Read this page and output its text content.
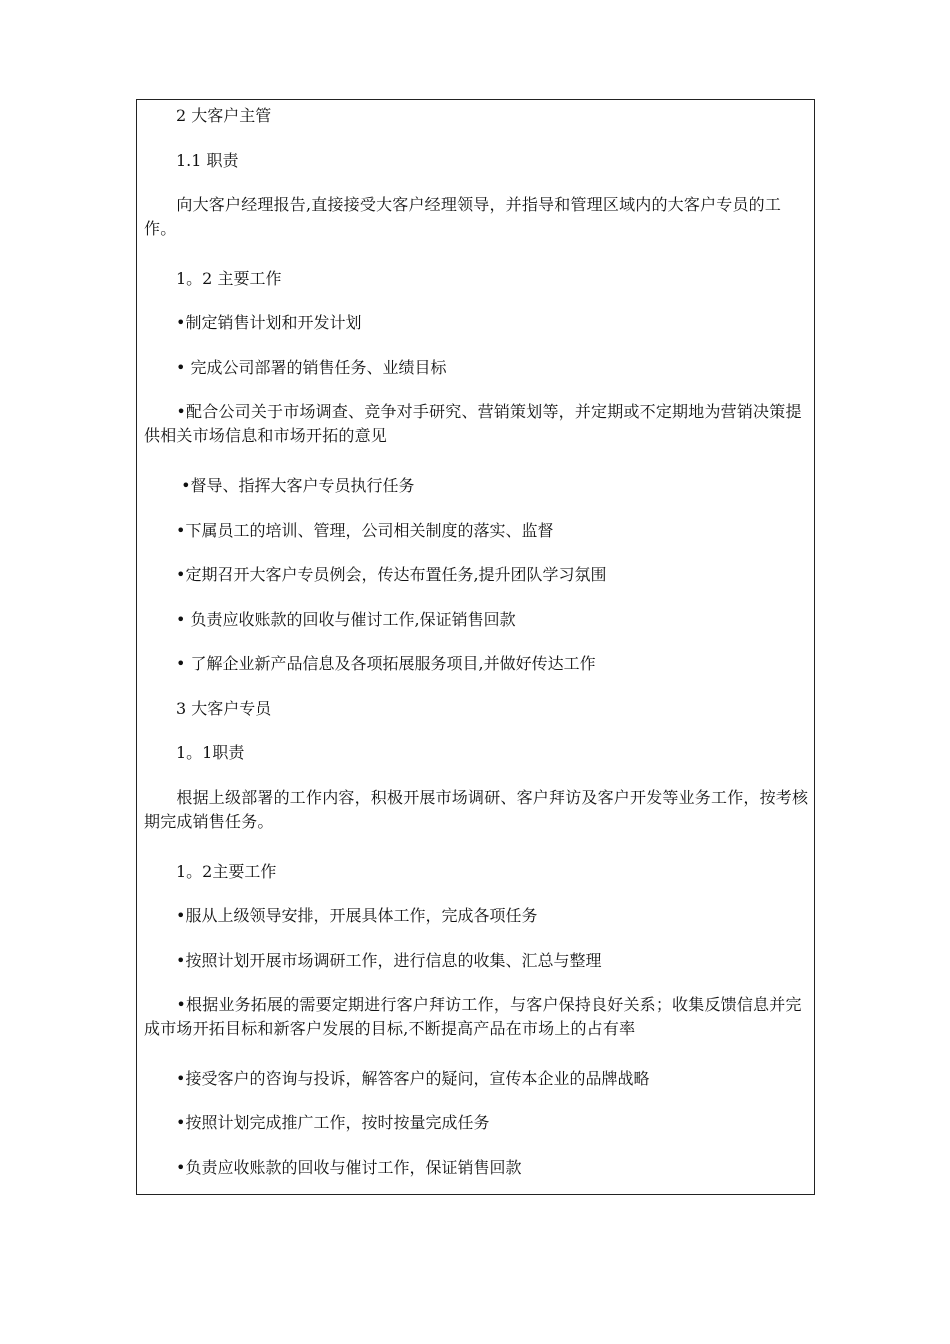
　　2 大客户主管
　　1.1 职责
　　向大客户经理报告,直接接受大客户经理领导，并指导和管理区域内的大客户专员的工作。
　　1。2 主要工作
　　•制定销售计划和开发计划
　　• 完成公司部署的销售任务、业绩目标
　　•配合公司关于市场调查、竞争对手研究、营销策划等，并定期或不定期地为营销决策提供相关市场信息和市场开拓的意见
　　 •督导、指挥大客户专员执行任务
　　•下属员工的培训、管理，公司相关制度的落实、监督
　　•定期召开大客户专员例会，传达布置任务,提升团队学习氛围
　　• 负责应收账款的回收与催讨工作,保证销售回款
　　• 了解企业新产品信息及各项拓展服务项目,并做好传达工作
　　3 大客户专员
　　1。1职责
　　根据上级部署的工作内容，积极开展市场调研、客户拜访及客户开发等业务工作，按考核期完成销售任务。
　　1。2主要工作
　　•服从上级领导安排，开展具体工作，完成各项任务
　　•按照计划开展市场调研工作，进行信息的收集、汇总与整理
　　•根据业务拓展的需要定期进行客户拜访工作，与客户保持良好关系；收集反馈信息并完成市场开拓目标和新客户发展的目标,不断提高产品在市场上的占有率
　　•接受客户的咨询与投诉，解答客户的疑问，宣传本企业的品牌战略
　　•按照计划完成推广工作，按时按量完成任务
　　•负责应收账款的回收与催讨工作，保证销售回款
